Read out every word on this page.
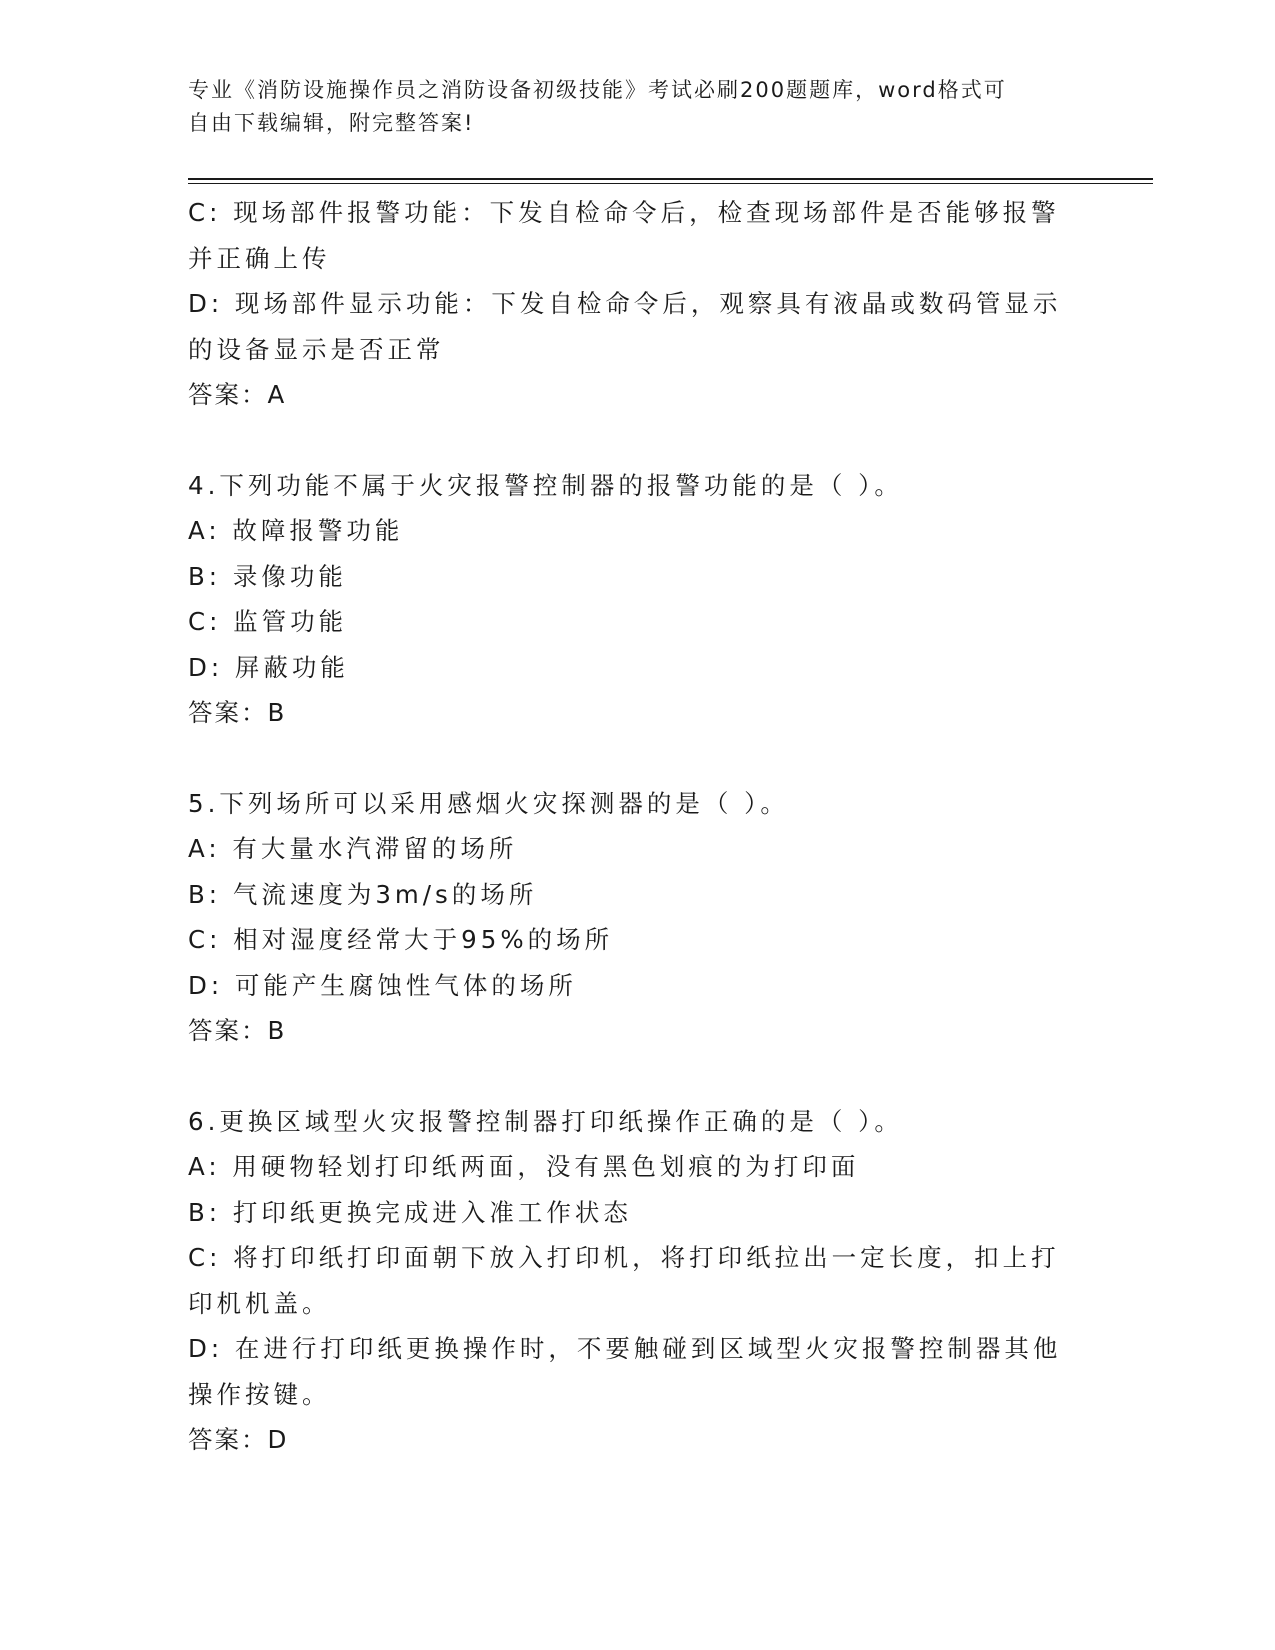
专业《消防设施操作员之消防设备初级技能》考试必刷200题题库，word格式可
自由下载编辑，附完整答案!

C: 现场部件报警功能：下发自检命令后，检查现场部件是否能够报警

并正确上传

D: 现场部件显示功能：下发自检命令后，观察具有液晶或数码管显示

的设备显示是否正常

答案：A

4.下列功能不属于火灾报警控制器的报警功能的是（ ）。

A: 故障报警功能

B: 录像功能

C: 监管功能

D: 屏蔽功能

答案：B

5.下列场所可以采用感烟火灾探测器的是（ ）。

A: 有大量水汽滞留的场所

B: 气流速度为3m/s的场所

C: 相对湿度经常大于95%的场所

D: 可能产生腐蚀性气体的场所

答案：B

6.更换区域型火灾报警控制器打印纸操作正确的是（ ）。

A: 用硬物轻划打印纸两面，没有黑色划痕的为打印面

B: 打印纸更换完成进入准工作状态

C: 将打印纸打印面朝下放入打印机，将打印纸拉出一定长度，扣上打

印机机盖。

D: 在进行打印纸更换操作时，不要触碰到区域型火灾报警控制器其他

操作按键。

答案：D
